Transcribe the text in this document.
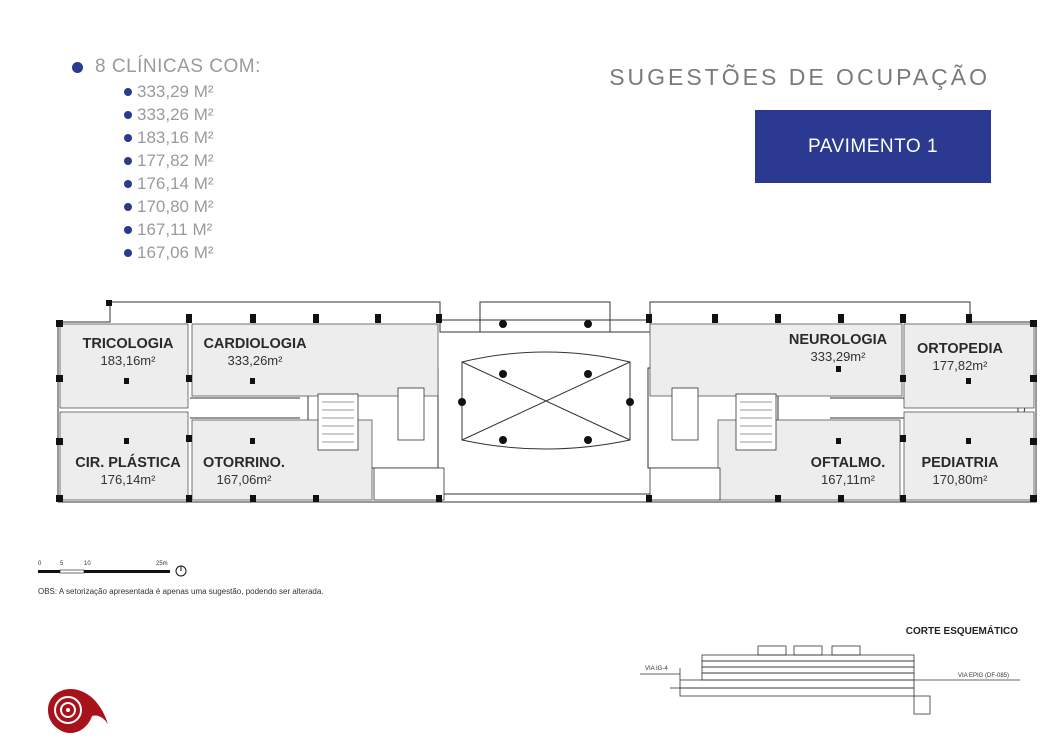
8 CLÍNICAS COM:
333,29 M²
333,26 M²
183,16 M²
177,82 M²
176,14 M²
170,80 M²
167,11 M²
167,06 M²
SUGESTÕES DE OCUPAÇÃO
PAVIMENTO 1
TRICOLOGIA
183,16m²
CARDIOLOGIA
333,26m²
CIR. PLÁSTICA
176,14m²
OTORRINO.
167,06m²
NEUROLOGIA
333,29m²	ORTOPEDIA
177,82m²
OFTALMO.
167,11m²
PEDIATRIA
170,80m²
0	5	10	25m
OBS: A setorização apresentada é apenas uma sugestão, podendo ser alterada.
CORTE ESQUEMÁTICO
VIA IG-4
VIA EPIG (DF-085)
